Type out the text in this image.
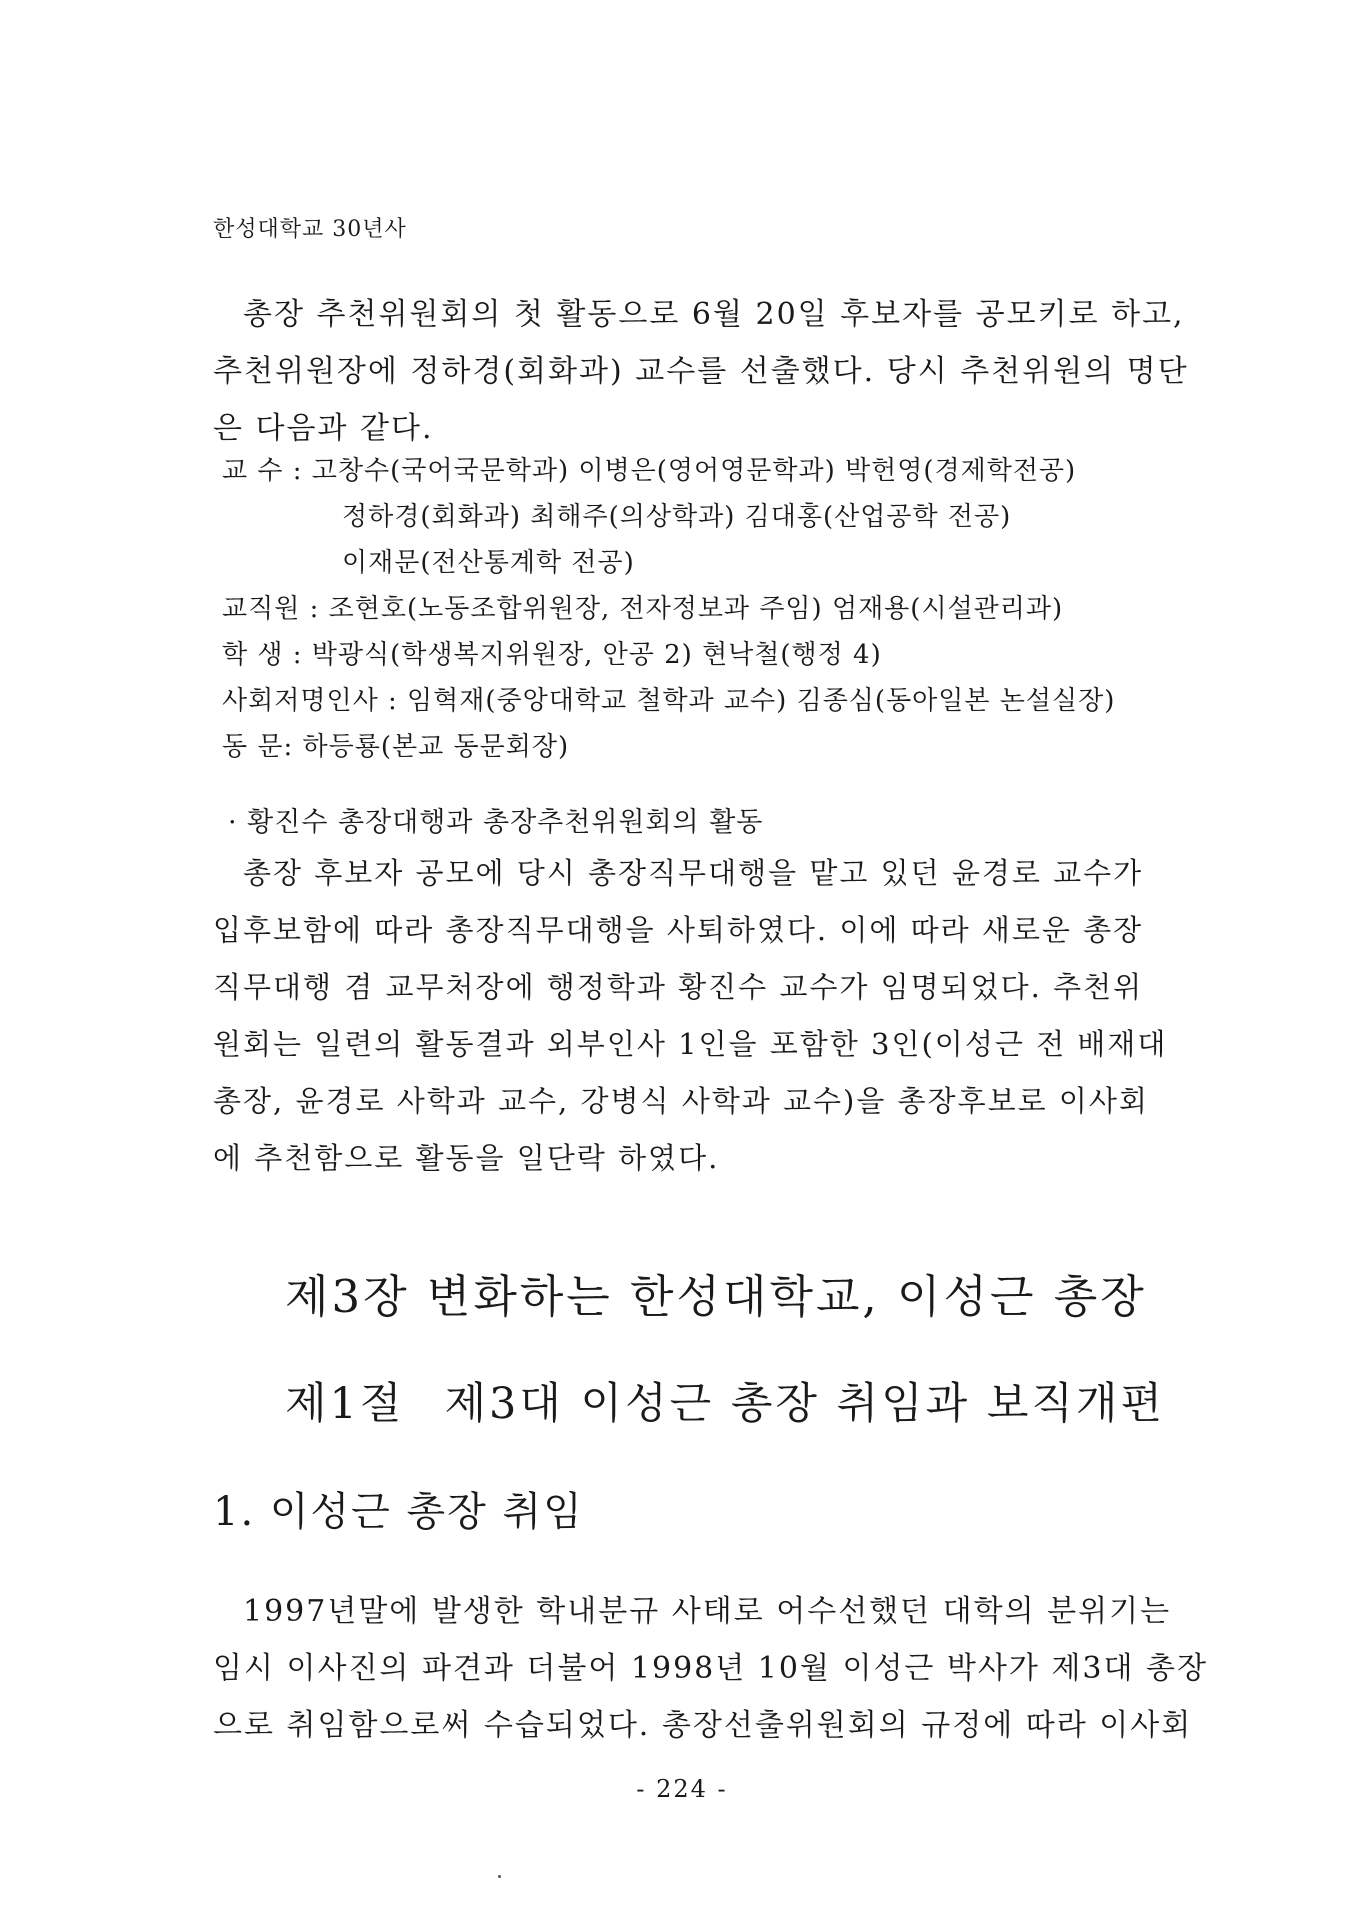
한성대학교 30년사

총장 추천위원회의 첫 활동으로 6월 20일 후보자를 공모키로 하고,
추천위원장에 정하경(회화과) 교수를 선출했다. 당시 추천위원의 명단
은 다음과 같다.

교 수 : 고창수(국어국문학과) 이병은(영어영문학과) 박헌영(경제학전공)
정하경(회화과) 최해주(의상학과) 김대홍(산업공학 전공)
이재문(전산통계학 전공)
교직원 : 조현호(노동조합위원장, 전자정보과 주임) 엄재용(시설관리과)
학 생 : 박광식(학생복지위원장, 안공 2) 현낙철(행정 4)
사회저명인사 : 임혁재(중앙대학교 철학과 교수) 김종심(동아일본 논설실장)
동 문: 하등룡(본교 동문회장)
· 황진수 총장대행과 총장추천위원회의 활동

총장 후보자 공모에 당시 총장직무대행을 맡고 있던 윤경로 교수가
입후보함에 따라 총장직무대행을 사퇴하였다. 이에 따라 새로운 총장
직무대행 겸 교무처장에 행정학과 황진수 교수가 임명되었다. 추천위
원회는 일련의 활동결과 외부인사 1인을 포함한 3인(이성근 전 배재대
총장, 윤경로 사학과 교수, 강병식 사학과 교수)을 총장후보로 이사회
에 추천함으로 활동을 일단락 하였다.

제3장 변화하는 한성대학교, 이성근 총장
제1절 제3대 이성근 총장 취임과 보직개편
1. 이성근 총장 취임

1997년말에 발생한 학내분규 사태로 어수선했던 대학의 분위기는
임시 이사진의 파견과 더불어 1998년 10월 이성근 박사가 제3대 총장
으로 취임함으로써 수습되었다. 총장선출위원회의 규정에 따라 이사회

- 224 -
